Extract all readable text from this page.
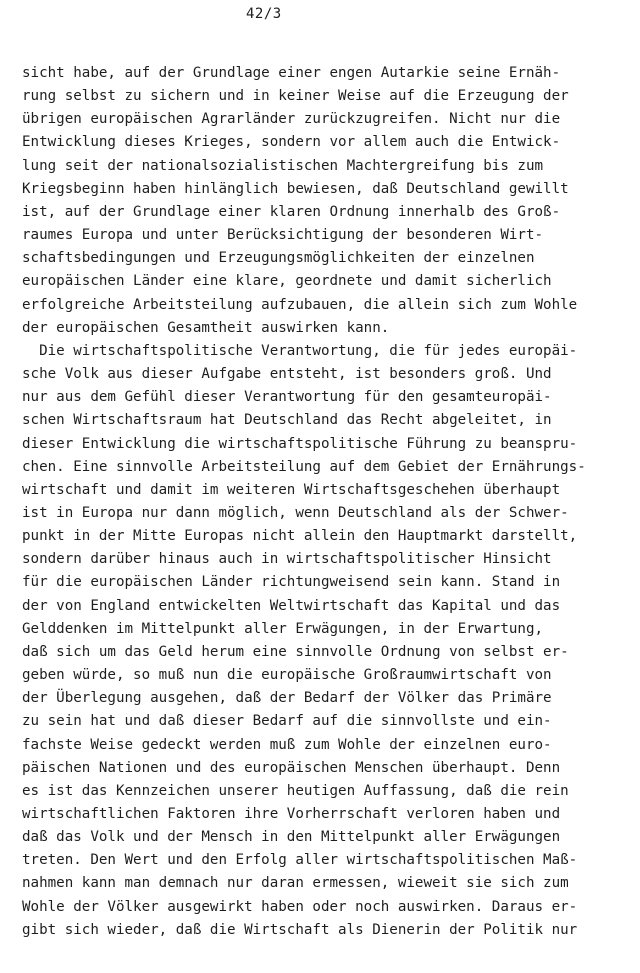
42/3
sicht habe, auf der Grundlage einer engen Autarkie seine Ernäh-
rung selbst zu sichern und in keiner Weise auf die Erzeugung der
übrigen europäischen Agrarländer zurückzugreifen. Nicht nur die
Entwicklung dieses Krieges, sondern vor allem auch die Entwick-
lung seit der nationalsozialistischen Machtergreifung bis zum
Kriegsbeginn haben hinlänglich bewiesen, daß Deutschland gewillt
ist, auf der Grundlage einer klaren Ordnung innerhalb des Groß-
raumes Europa und unter Berücksichtigung der besonderen Wirt-
schaftsbedingungen und Erzeugungsmöglichkeiten der einzelnen
europäischen Länder eine klare, geordnete und damit sicherlich
erfolgreiche Arbeitsteilung aufzubauen, die allein sich zum Wohle
der europäischen Gesamtheit auswirken kann.
Die wirtschaftspolitische Verantwortung, die für jedes europäi-
sche Volk aus dieser Aufgabe entsteht, ist besonders groß. Und
nur aus dem Gefühl dieser Verantwortung für den gesamteuropäi-
schen Wirtschaftsraum hat Deutschland das Recht abgeleitet, in
dieser Entwicklung die wirtschaftspolitische Führung zu beanspru-
chen. Eine sinnvolle Arbeitsteilung auf dem Gebiet der Ernährungs-
wirtschaft und damit im weiteren Wirtschaftsgeschehen überhaupt
ist in Europa nur dann möglich, wenn Deutschland als der Schwer-
punkt in der Mitte Europas nicht allein den Hauptmarkt darstellt,
sondern darüber hinaus auch in wirtschaftspolitischer Hinsicht
für die europäischen Länder richtungweisend sein kann. Stand in
der von England entwickelten Weltwirtschaft das Kapital und das
Gelddenken im Mittelpunkt aller Erwägungen, in der Erwartung,
daß sich um das Geld herum eine sinnvolle Ordnung von selbst er-
geben würde, so muß nun die europäische Großraumwirtschaft von
der Überlegung ausgehen, daß der Bedarf der Völker das Primäre
zu sein hat und daß dieser Bedarf auf die sinnvollste und ein-
fachste Weise gedeckt werden muß zum Wohle der einzelnen euro-
päischen Nationen und des europäischen Menschen überhaupt. Denn
es ist das Kennzeichen unserer heutigen Auffassung, daß die rein
wirtschaftlichen Faktoren ihre Vorherrschaft verloren haben und
daß das Volk und der Mensch in den Mittelpunkt aller Erwägungen
treten. Den Wert und den Erfolg aller wirtschaftspolitischen Maß-
nahmen kann man demnach nur daran ermessen, wieweit sie sich zum
Wohle der Völker ausgewirkt haben oder noch auswirken. Daraus er-
gibt sich wieder, daß die Wirtschaft als Dienerin der Politik nur
